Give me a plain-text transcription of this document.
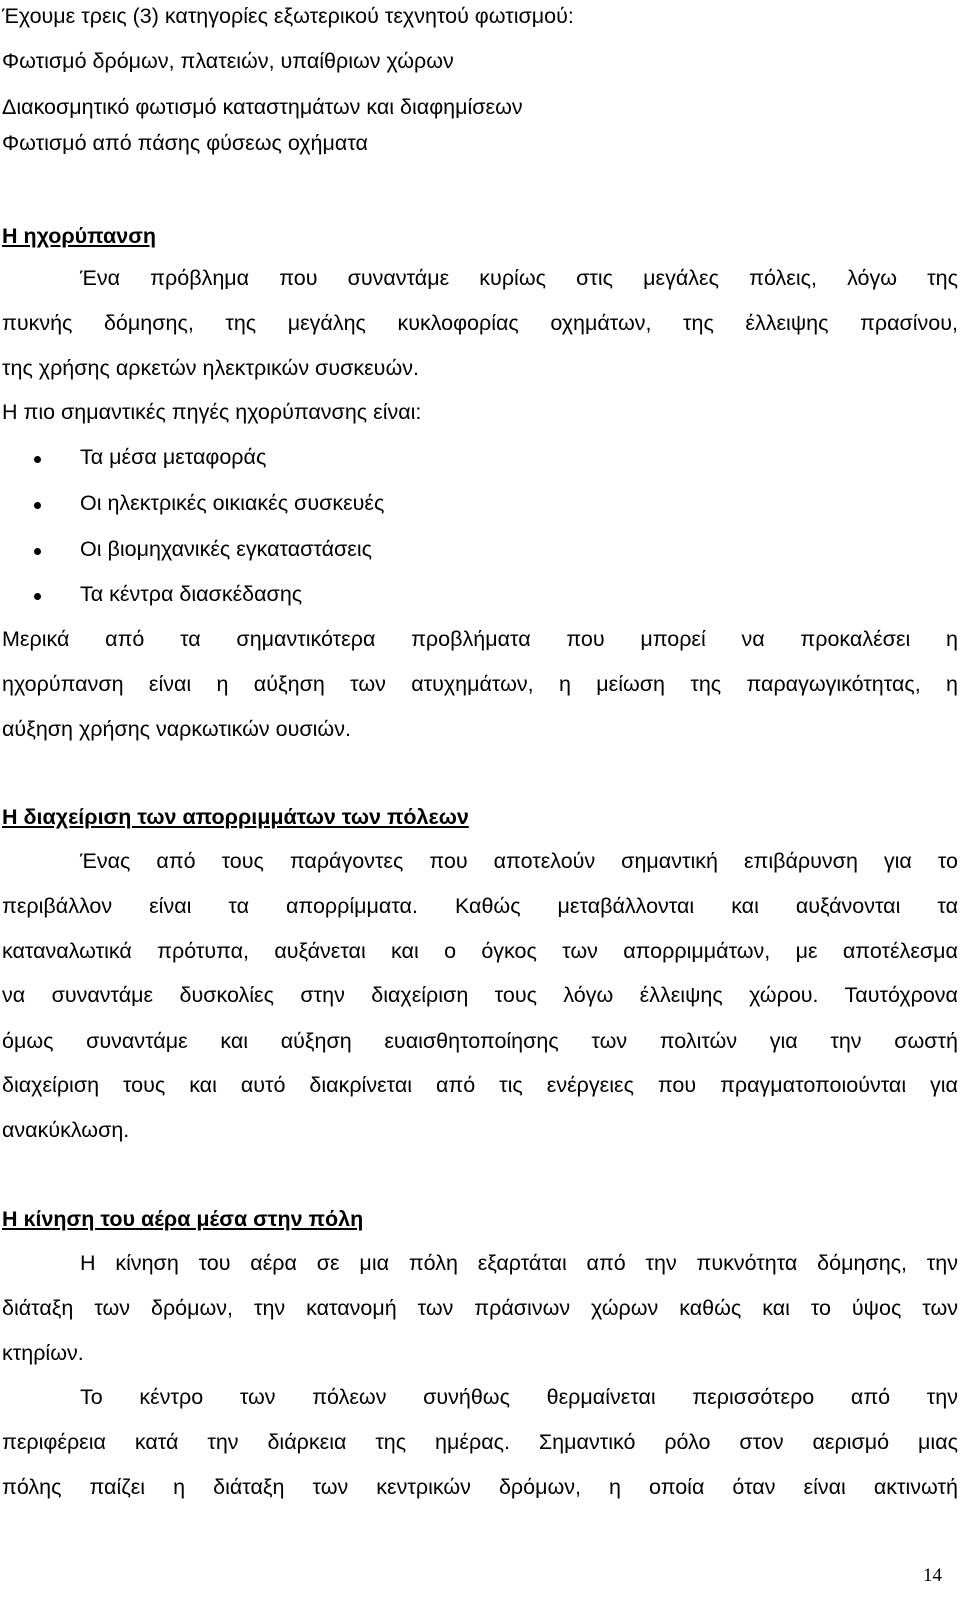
Έχουμε τρεις (3) κατηγορίες εξωτερικού τεχνητού φωτισμού:
Φωτισμό δρόμων, πλατειών, υπαίθριων χώρων
Διακοσμητικό φωτισμό καταστημάτων και διαφημίσεων
Φωτισμό από πάσης φύσεως οχήματα
Η ηχορύπανση
Ένα πρόβλημα που συναντάμε κυρίως στις μεγάλες πόλεις, λόγω της
πυκνής δόμησης, της μεγάλης κυκλοφορίας οχημάτων, της έλλειψης πρασίνου,
της χρήσης αρκετών ηλεκτρικών συσκευών.
Η πιο σημαντικές πηγές ηχορύπανσης είναι:
Τα μέσα μεταφοράς
Οι ηλεκτρικές οικιακές συσκευές
Οι βιομηχανικές εγκαταστάσεις
Τα κέντρα διασκέδασης
Μερικά από τα σημαντικότερα προβλήματα που μπορεί να προκαλέσει η
ηχορύπανση είναι η αύξηση των ατυχημάτων, η μείωση της παραγωγικότητας, η
αύξηση χρήσης ναρκωτικών ουσιών.
Η διαχείριση των απορριμμάτων των πόλεων
Ένας από τους παράγοντες που αποτελούν σημαντική επιβάρυνση για το
περιβάλλον είναι τα απορρίμματα. Καθώς μεταβάλλονται και αυξάνονται τα
καταναλωτικά πρότυπα, αυξάνεται και ο όγκος των απορριμμάτων, με αποτέλεσμα
να συναντάμε δυσκολίες στην διαχείριση τους λόγω έλλειψης χώρου. Ταυτόχρονα
όμως συναντάμε και αύξηση ευαισθητοποίησης των πολιτών για την σωστή
διαχείριση τους και αυτό διακρίνεται από τις ενέργειες που πραγματοποιούνται για
ανακύκλωση.
Η κίνηση του αέρα μέσα στην πόλη
Η κίνηση του αέρα σε μια πόλη εξαρτάται από την πυκνότητα δόμησης, την
διάταξη των δρόμων, την κατανομή των πράσινων χώρων καθώς και το ύψος των
κτηρίων.
Το κέντρο των πόλεων συνήθως θερμαίνεται περισσότερο από την
περιφέρεια κατά την διάρκεια της ημέρας. Σημαντικό ρόλο στον αερισμό μιας
πόλης παίζει η διάταξη των κεντρικών δρόμων, η οποία όταν είναι ακτινωτή
14
